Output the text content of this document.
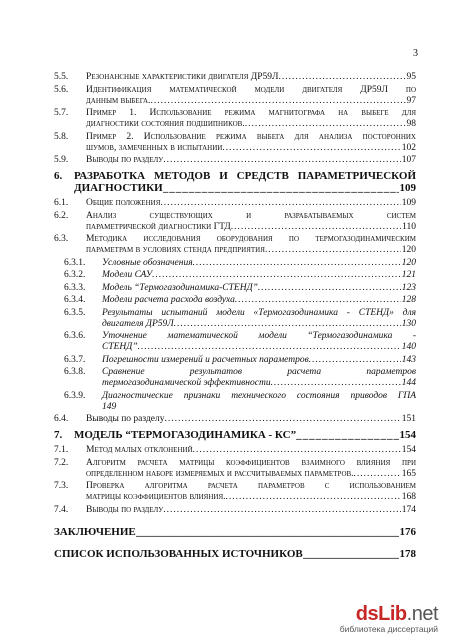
3
5.5. Резонансные характеристики двигателя ДР59Л .....	95
5.6. Идентификация математической модели двигателя ДР59Л по
данным выбега. .....	97
5.7. Пример 1. Использование режима магнитографа на выбеге для
диагностики состояния подшипников. .....	98
5.8. Пример 2. Использование режима выбега для анализа посторонних
шумов, замеченных в испытании .....	102
5.9. Выводы по разделу .....	107
6. РАЗРАБОТКА МЕТОДОВ И СРЕДСТВ ПАРАМЕТРИЧЕСКОЙ
ДИАГНОСТИКИ _____	109
6.1. Общие положения .....	109
6.2. Анализ существующих и разрабатываемых систем
параметрической диагностики ГТД .....	110
6.3. Методика исследования оборудования по термогазодинамическим
параметрам в условиях стенда предприятия .....	120
6.3.1. Условные обозначения .....	120
6.3.2. Модели САУ .....	121
6.3.3. Модель “Термогазодинамика-СТЕНД” .....	123
6.3.4. Модели расчета расхода воздуха .....	128
6.3.5. Результаты испытаний модели «Термогазодинамика - СТЕНД» для
двигателя ДР59Л .....	130
6.3.6. Уточнение математической модели “Термогазодинамика -
СТЕНД” .....	140
6.3.7. Погрешности измерений и расчетных параметров .....	143
6.3.8. Сравнение результатов расчета параметров
термогазодинамической эффективности .....	144
6.3.9. Диагностические признаки технического состояния приводов ГПА
149
6.4. Выводы по разделу .....	151
7. МОДЕЛЬ “ТЕРМОГАЗОДИНАМИКА - КС” _____	154
7.1. Метод малых отклонений .....	154
7.2. Алгоритм расчета матрицы коэффициентов взаимного влияния при
определенном наборе измеряемых и рассчитываемых параметров. .....	165
7.3. Проверка алгоритма расчета параметров с использованием
матрицы коэффициентов влияния. .....	168
7.4. Выводы по разделу .....	174
ЗАКЛЮЧЕНИЕ _____	176
СПИСОК ИСПОЛЬЗОВАННЫХ ИСТОЧНИКОВ _____	178
dsLib.net
библиотека диссертаций
